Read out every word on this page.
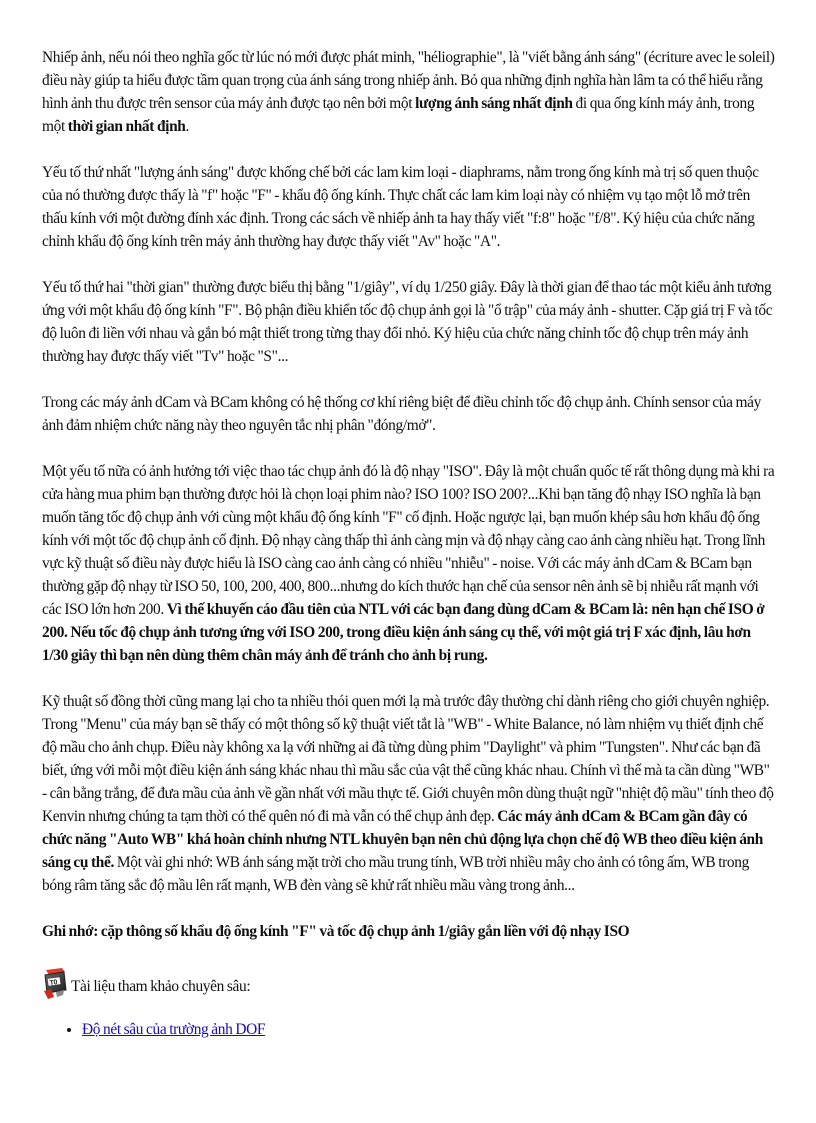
Nhiếp ảnh, nếu nói theo nghĩa gốc từ lúc nó mới được phát minh, "héliographie", là "viết bằng ánh sáng" (écriture avec le soleil) điều này giúp ta hiểu được tầm quan trọng của ánh sáng trong nhiếp ảnh. Bỏ qua những định nghĩa hàn lâm ta có thể hiểu rằng hình ảnh thu được trên sensor của máy ảnh được tạo nên bởi một lượng ánh sáng nhất định đi qua ống kính máy ảnh, trong một thời gian nhất định.

Yếu tố thứ nhất "lượng ánh sáng" được khống chế bởi các lam kim loại - diaphrams, nằm trong ống kính mà trị số quen thuộc của nó thường được thấy là "f" hoặc "F" - khẩu độ ống kính. Thực chất các lam kim loại này có nhiệm vụ tạo một lỗ mở trên thấu kính với một đường đính xác định. Trong các sách về nhiếp ảnh ta hay thấy viết "f:8" hoặc "f/8". Ký hiệu của chức năng chỉnh khẩu độ ống kính trên máy ảnh thường hay được thấy viết "Av" hoặc "A".

Yếu tố thứ hai "thời gian" thường được biểu thị bằng "1/giây", ví dụ 1/250 giây. Đây là thời gian để thao tác một kiểu ảnh tương ứng với một khẩu độ ống kính "F". Bộ phận điều khiển tốc độ chụp ảnh gọi là "ổ trập" của máy ảnh - shutter. Cặp giá trị F và tốc độ luôn đi liền với nhau và gắn bó mật thiết trong từng thay đổi nhỏ. Ký hiệu của chức năng chỉnh tốc độ chụp trên máy ảnh thường hay được thấy viết "Tv" hoặc "S"...

Trong các máy ảnh dCam và BCam không có hệ thống cơ khí riêng biệt để điều chỉnh tốc độ chụp ảnh. Chính sensor của máy ảnh đảm nhiệm chức năng này theo nguyên tắc nhị phân "đóng/mở".

Một yếu tố nữa có ảnh hưởng tới việc thao tác chụp ảnh đó là độ nhạy "ISO". Đây là một chuẩn quốc tế rất thông dụng mà khi ra cửa hàng mua phim bạn thường được hỏi là chọn loại phim nào? ISO 100? ISO 200?...Khi bạn tăng độ nhạy ISO nghĩa là bạn muốn tăng tốc độ chụp ảnh với cùng một khẩu độ ống kính "F" cố định. Hoặc ngược lại, bạn muốn khép sâu hơn khẩu độ ống kính với một tốc độ chụp ảnh cố định. Độ nhạy càng thấp thì ảnh càng mịn và độ nhạy càng cao ảnh càng nhiều hạt. Trong lĩnh vực kỹ thuật số điều này được hiểu là ISO càng cao ảnh càng có nhiều "nhiễu" - noise. Với các máy ảnh dCam & BCam bạn thường gặp độ nhạy từ ISO 50, 100, 200, 400, 800...nhưng do kích thước hạn chế của sensor nên ảnh sẽ bị nhiễu rất mạnh với các ISO lớn hơn 200. Vì thế khuyến cáo đầu tiên của NTL với các bạn đang dùng dCam & BCam là: nên hạn chế ISO ở 200. Nếu tốc độ chụp ảnh tương ứng với ISO 200, trong điều kiện ánh sáng cụ thể, với một giá trị F xác định, lâu hơn 1/30 giây thì bạn nên dùng thêm chân máy ảnh để tránh cho ảnh bị rung.

Kỹ thuật số đồng thời cũng mang lại cho ta nhiều thói quen mới lạ mà trước đây thường chỉ dành riêng cho giới chuyên nghiệp. Trong "Menu" của máy bạn sẽ thấy có một thông số kỹ thuật viết tắt là "WB" - White Balance, nó làm nhiệm vụ thiết định chế độ mầu cho ảnh chụp. Điều này không xa lạ với những ai đã từng dùng phim "Daylight" và phim "Tungsten". Như các bạn đã biết, ứng với mỗi một điều kiện ánh sáng khác nhau thì mầu sắc của vật thể cũng khác nhau. Chính vì thế mà ta cần dùng "WB" - cân bằng trắng, để đưa mầu của ảnh về gần nhất với mầu thực tế. Giới chuyên môn dùng thuật ngữ "nhiệt độ mầu" tính theo độ Kenvin nhưng chúng ta tạm thời có thể quên nó đi mà vẫn có thể chụp ảnh đẹp. Các máy ảnh dCam & BCam gần đây có chức năng "Auto WB" khá hoàn chỉnh nhưng NTL khuyên bạn nên chủ động lựa chọn chế độ WB theo điều kiện ánh sáng cụ thể. Một vài ghi nhớ: WB ánh sáng mặt trời cho mầu trung tính, WB trời nhiều mây cho ảnh có tông ấm, WB trong bóng râm tăng sắc độ mầu lên rất mạnh, WB đèn vàng sẽ khử rất nhiều mầu vàng trong ảnh...

Ghi nhớ: cặp thông số khẩu độ ống kính "F" và tốc độ chụp ảnh 1/giây gắn liền với độ nhạy ISO

T0 Tài liệu tham khảo chuyên sâu:
• Độ nét sâu của trường ảnh DOF
